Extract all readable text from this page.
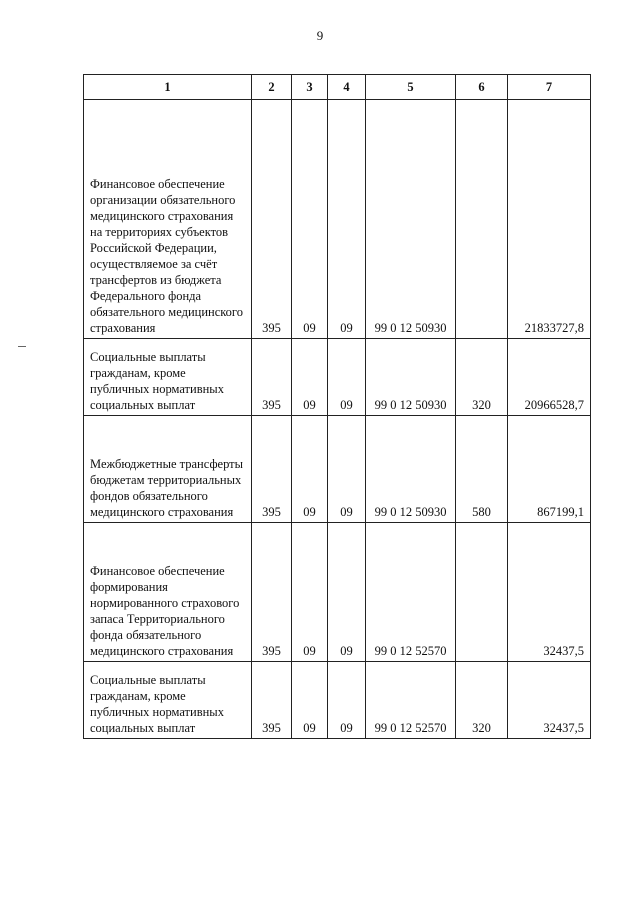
9
1	2	3	4	5	6	7
Финансовое обеспечение организации обязательного медицинского страхования на территориях субъектов Российской Федерации, осуществляемое за счёт трансфертов из бюджета Федерального фонда обязательного медицинского страхования	395	09	09	99 0 12 50930		21833727,8
Социальные выплаты гражданам, кроме публичных нормативных социальных выплат	395	09	09	99 0 12 50930	320	20966528,7
Межбюджетные трансферты бюджетам территориальных фондов обязательного медицинского страхования	395	09	09	99 0 12 50930	580	867199,1
Финансовое обеспечение формирования нормированного страхового запаса Территориального фонда обязательного медицинского страхования	395	09	09	99 0 12 52570		32437,5
Социальные выплаты гражданам, кроме публичных нормативных социальных выплат	395	09	09	99 0 12 52570	320	32437,5
